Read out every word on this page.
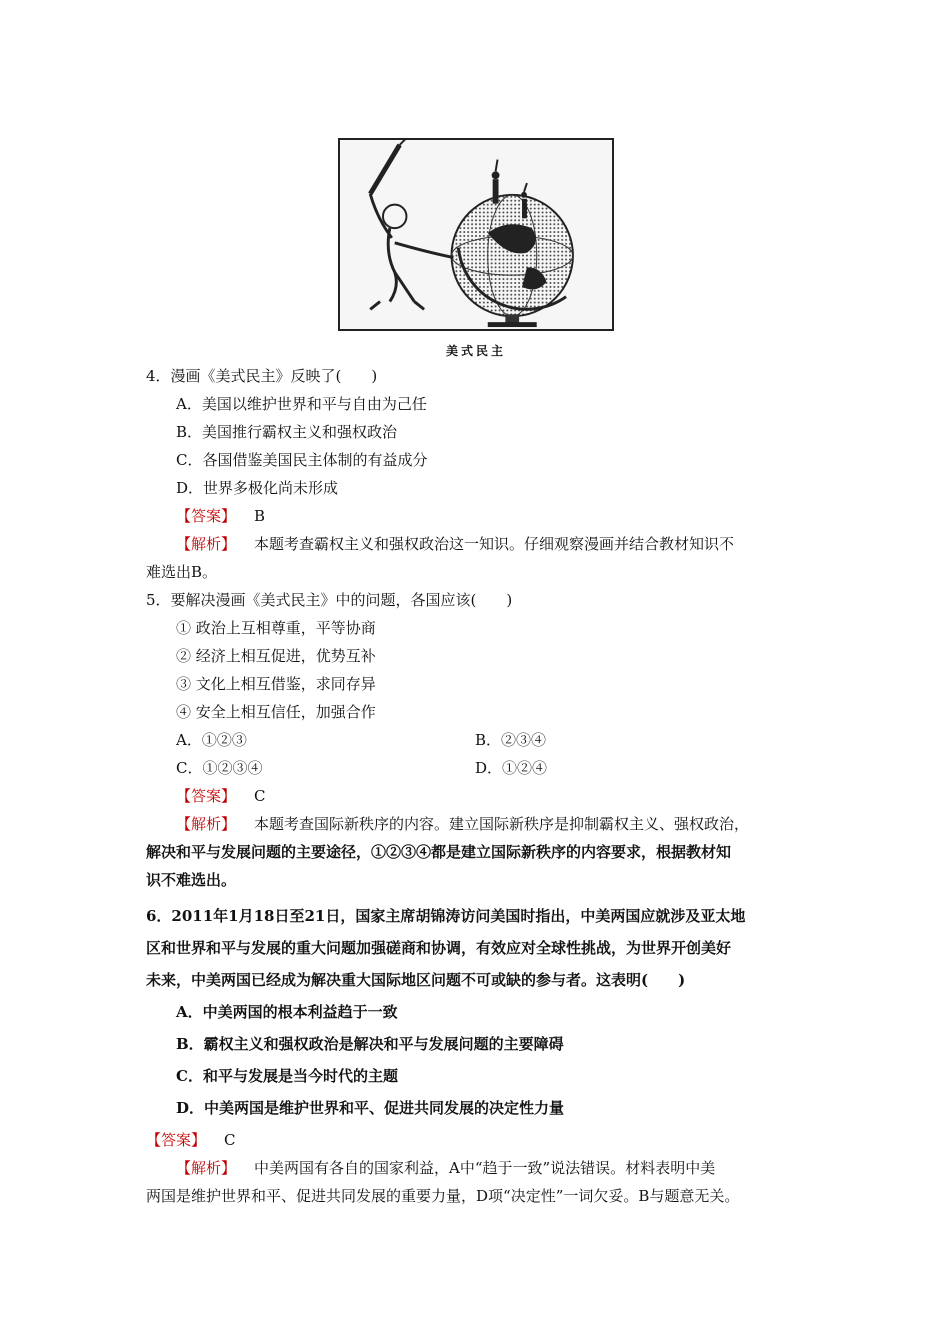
美式民主
4．漫画《美式民主》反映了(　　)
A．美国以维护世界和平与自由为己任
B．美国推行霸权主义和强权政治
C．各国借鉴美国民主体制的有益成分
D．世界多极化尚未形成
【答案】 B
【解析】 本题考查霸权主义和强权政治这一知识。仔细观察漫画并结合教材知识不
难选出B。
5．要解决漫画《美式民主》中的问题，各国应该(　　)
① 政治上互相尊重，平等协商
② 经济上相互促进，优势互补
③ 文化上相互借鉴，求同存异
④ 安全上相互信任，加强合作
A．①②③	B．②③④
C．①②③④	D．①②④
【答案】 C
【解析】 本题考查国际新秩序的内容。建立国际新秩序是抑制霸权主义、强权政治，
解决和平与发展问题的主要途径，①②③④都是建立国际新秩序的内容要求，根据教材知
识不难选出。
6．2011年1月18日至21日，国家主席胡锦涛访问美国时指出，中美两国应就涉及亚太地
区和世界和平与发展的重大问题加强磋商和协调，有效应对全球性挑战，为世界开创美好
未来，中美两国已经成为解决重大国际地区问题不可或缺的参与者。这表明(　　)
A．中美两国的根本利益趋于一致
B．霸权主义和强权政治是解决和平与发展问题的主要障碍
C．和平与发展是当今时代的主题
D．中美两国是维护世界和平、促进共同发展的决定性力量
【答案】 C
【解析】 中美两国有各自的国家利益，A中“趋于一致”说法错误。材料表明中美
两国是维护世界和平、促进共同发展的重要力量，D项“决定性”一词欠妥。B与题意无关。
